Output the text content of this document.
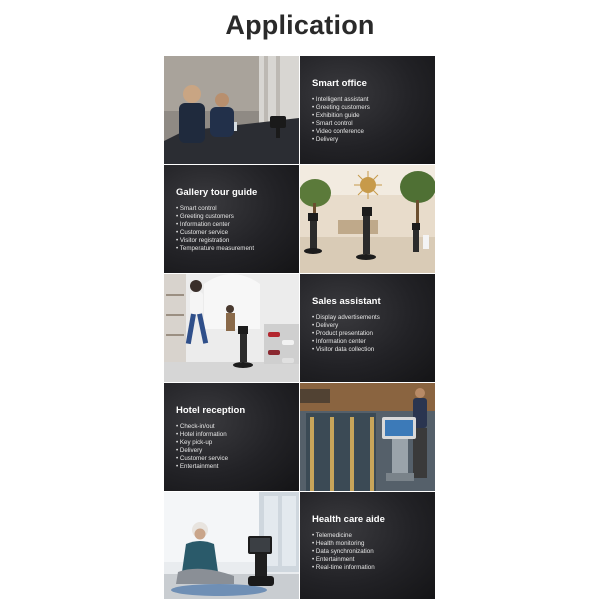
Application
Smart office
• Intelligent assistant
• Greeting customers
• Exhibition guide
• Smart control
• Video conference
• Delivery
Gallery tour guide
• Smart control
• Greeting customers
• Information center
• Customer service
• Visitor registration
• Temperature measurement
Sales assistant
• Display advertisements
• Delivery
• Product presentation
• Information center
• Visitor data collection
Hotel reception
• Check-in/out
• Hotel information
• Key pick-up
• Delivery
• Customer service
• Entertainment
Health care aide
• Telemedicine
• Health monitoring
• Data synchronization
• Entertainment
• Real-time information
